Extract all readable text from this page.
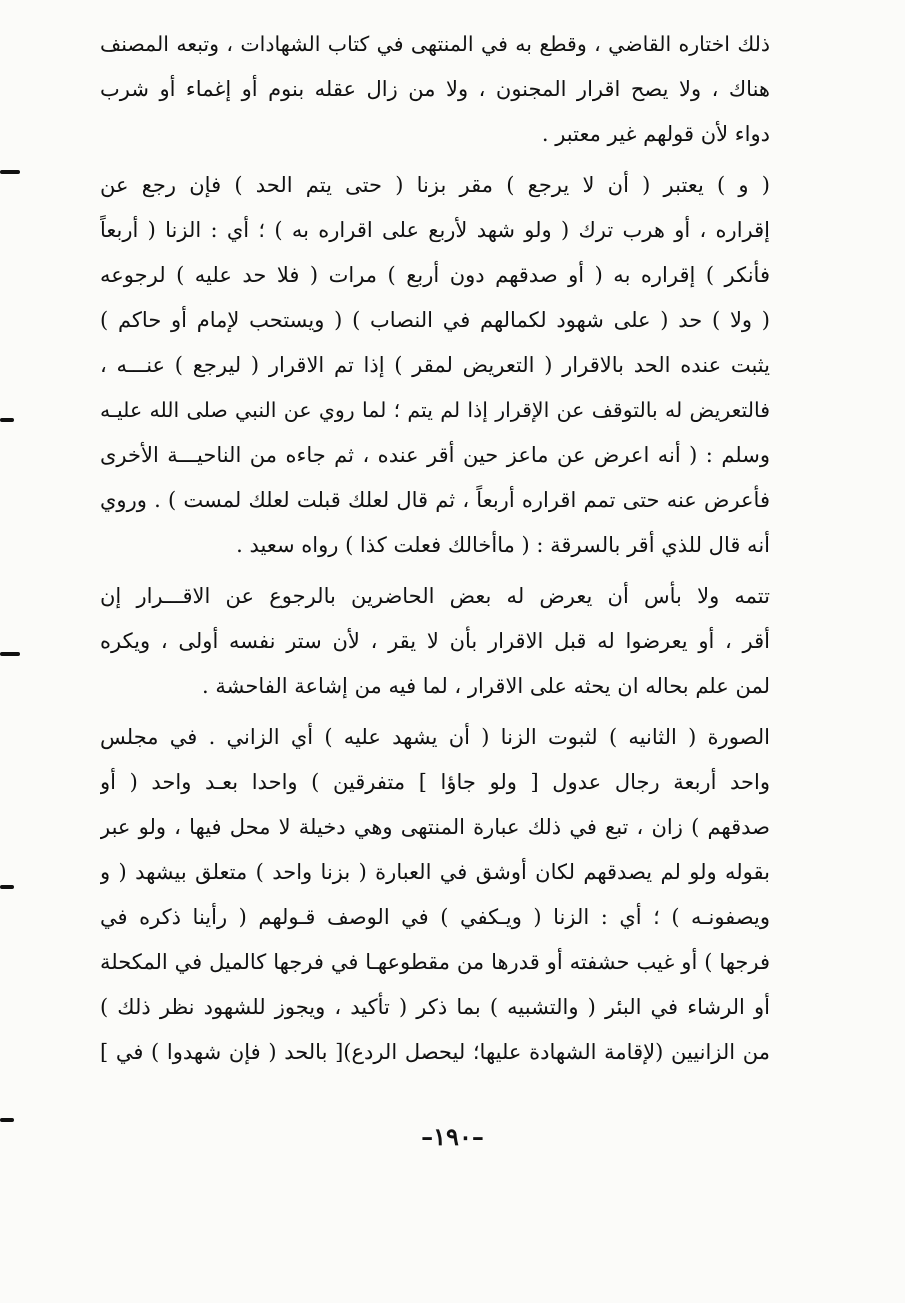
ذلك اختاره القاضي ، وقطع به في المنتهى في كتاب الشهادات ، وتبعه المصنف
هناك ، ولا يصح اقرار المجنون ، ولا من زال عقله بنوم أو إغماء أو شرب
دواء لأن قولهم غير معتبر .
( و ) يعتبر ( أن لا يرجع ) مقر بزنا ( حتى يتم الحد ) فإن رجع عن
إقراره ، أو هرب ترك ( ولو شهد لأربع على اقراره به ) ؛ أي : الزنا ( أربعاً
فأنكر ) إقراره به ( أو صدقهم دون أربع ) مرات ( فلا حد عليه ) لرجوعه
( ولا ) حد ( على شهود لكمالهم في النصاب ) ( ويستحب لإمام أو حاكم )
يثبت عنده الحد بالاقرار ( التعريض لمقر ) إذا تم الاقرار ( ليرجع ) عنـــه ،
فالتعريض له بالتوقف عن الإقرار إذا لم يتم ؛ لما روي عن النبي صلى الله عليـه
وسلم : ( أنه اعرض عن ماعز حين أقر عنده ، ثم جاءه من الناحيـــة الأخرى
فأعرض عنه حتى تمم اقراره أربعاً ، ثم قال لعلك قبلت لعلك لمست ) . وروي
أنه قال للذي أقر بالسرقة : ( ماأخالك فعلت كذا ) رواه سعيد .
تتمه ولا بأس أن يعرض له بعض الحاضرين بالرجوع عن الاقـــرار إن
أقر ، أو يعرضوا له قبل الاقرار بأن لا يقر ، لأن ستر نفسه أولى ، ويكره
لمن علم بحاله ان يحثه على الاقرار ، لما فيه من إشاعة الفاحشة .
الصورة ( الثانيه ) لثبوت الزنا ( أن يشهد عليه ) أي الزاني . في مجلس
واحد أربعة رجال عدول [ ولو جاؤا ] متفرقين ) واحدا بعـد واحد ( أو
صدقهم ) زان ، تبع في ذلك عبارة المنتهى وهي دخيلة لا محل فيها ، ولو عبر
بقوله ولو لم يصدقهم لكان أوشق في العبارة ( بزنا واحد ) متعلق بيشهد ( و
ويصفونـه ) ؛ أي : الزنا ( ويـكفي ) في الوصف قـولهم ( رأينا ذكره في
فرجها ) أو غيب حشفته أو قدرها من مقطوعهـا في فرجها كالميل في المكحلة
أو الرشاء في البئر ( والتشبيه ) بما ذكر ( تأكيد ، ويجوز للشهود نظر ذلك )
من الزانيين (لإقامة الشهادة عليها؛ ليحصل الردع)[ بالحد ( فإن شهدوا ) في ]
–١٩٠–
